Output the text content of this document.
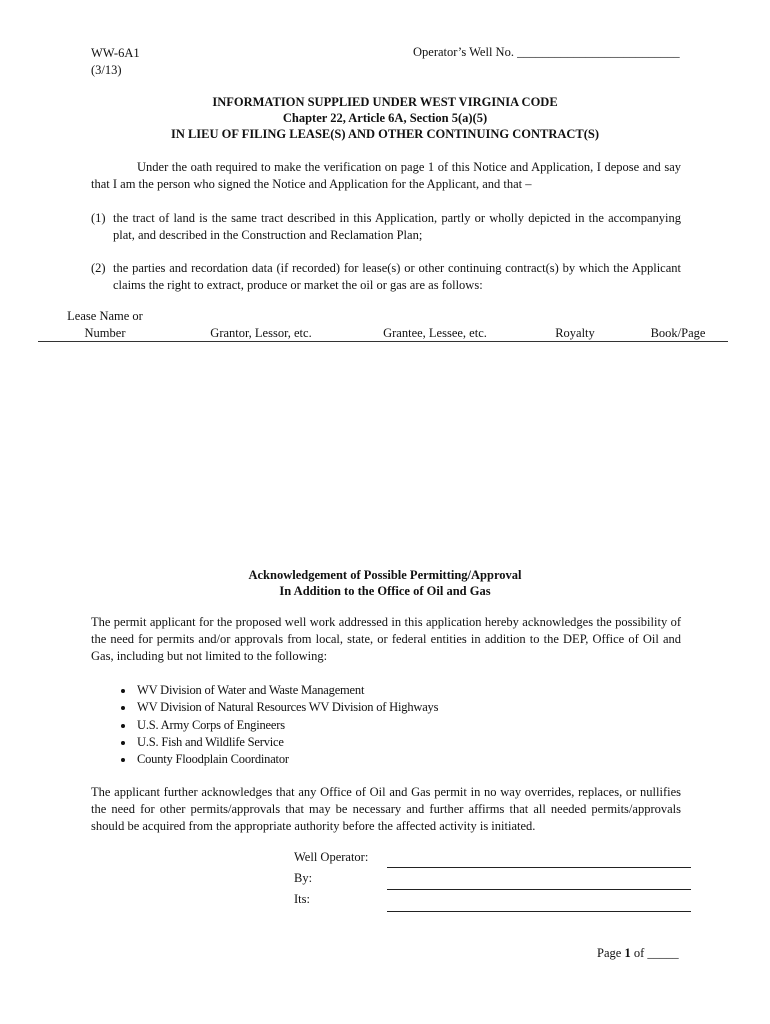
WW-6A1
(3/13)
Operator’s Well No. __________________________
INFORMATION SUPPLIED UNDER WEST VIRGINIA CODE
Chapter 22, Article 6A, Section 5(a)(5)
IN LIEU OF FILING LEASE(S) AND OTHER CONTINUING CONTRACT(S)
Under the oath required to make the verification on page 1 of this Notice and Application, I depose and say that I am the person who signed the Notice and Application for the Applicant, and that –
(1) the tract of land is the same tract described in this Application, partly or wholly depicted in the accompanying plat, and described in the Construction and Reclamation Plan;
(2) the parties and recordation data (if recorded) for lease(s) or other continuing contract(s) by which the Applicant claims the right to extract, produce or market the oil or gas are as follows:
Lease Name or
Number	Grantor, Lessor, etc.	Grantee, Lessee, etc.	Royalty	Book/Page
Acknowledgement of Possible Permitting/Approval
In Addition to the Office of Oil and Gas
The permit applicant for the proposed well work addressed in this application hereby acknowledges the possibility of the need for permits and/or approvals from local, state, or federal entities in addition to the DEP, Office of Oil and Gas, including but not limited to the following:
• WV Division of Water and Waste Management
• WV Division of Natural Resources WV Division of Highways
• U.S. Army Corps of Engineers
• U.S. Fish and Wildlife Service
• County Floodplain Coordinator
The applicant further acknowledges that any Office of Oil and Gas permit in no way overrides, replaces, or nullifies the need for other permits/approvals that may be necessary and further affirms that all needed permits/approvals should be acquired from the appropriate authority before the affected activity is initiated.
Well Operator:
By:
Its:
Page 1 of _____
